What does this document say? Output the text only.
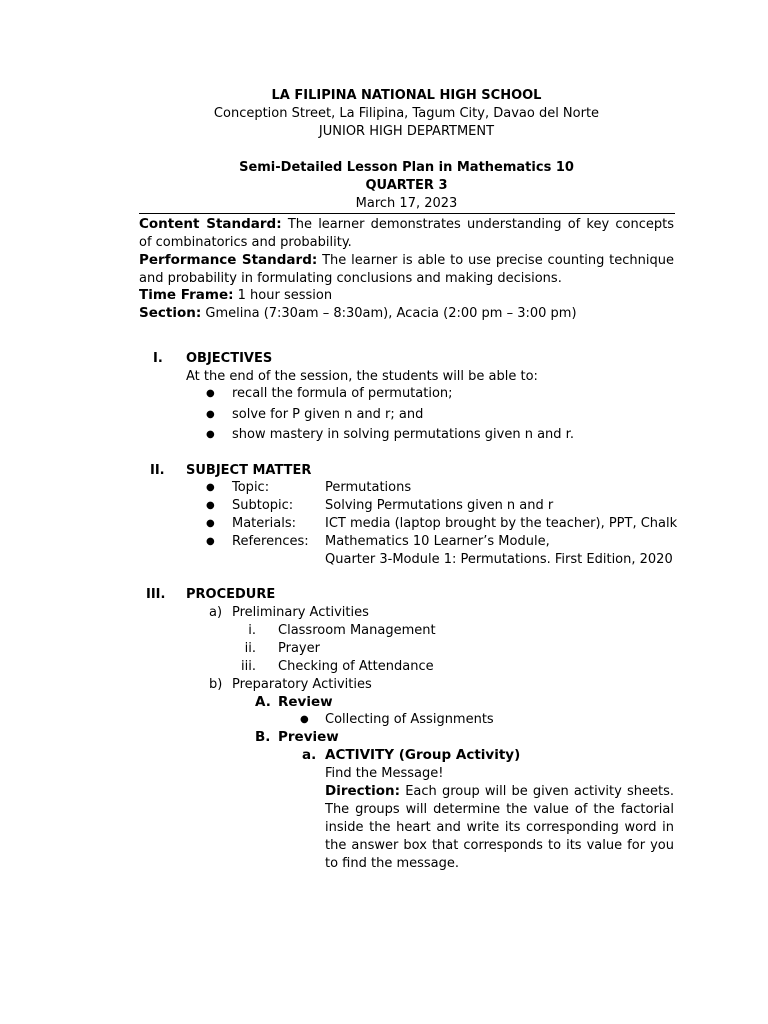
LA FILIPINA NATIONAL HIGH SCHOOL
Conception Street, La Filipina, Tagum City, Davao del Norte
JUNIOR HIGH DEPARTMENT
Semi-Detailed Lesson Plan in Mathematics 10
QUARTER 3
March 17, 2023
Content Standard: The learner demonstrates understanding of key concepts of combinatorics and probability.
Performance Standard: The learner is able to use precise counting technique and probability in formulating conclusions and making decisions.
Time Frame: 1 hour session
Section: Gmelina (7:30am – 8:30am), Acacia (2:00 pm – 3:00 pm)
I. OBJECTIVES
At the end of the session, the students will be able to:
● recall the formula of permutation;
● solve for P given n and r; and
● show mastery in solving permutations given n and r.
II. SUBJECT MATTER
● Topic:	Permutations
● Subtopic: Solving Permutations given n and r
● Materials: ICT media (laptop brought by the teacher), PPT, Chalk
● References: Mathematics 10 Learner’s Module,
Quarter 3-Module 1: Permutations. First Edition, 2020
III. PROCEDURE
a) Preliminary Activities
i. Classroom Management
ii. Prayer
iii. Checking of Attendance
b) Preparatory Activities
A. Review
● Collecting of Assignments
B. Preview
a. ACTIVITY (Group Activity)
Find the Message!
Direction: Each group will be given activity sheets. The groups will determine the value of the factorial inside the heart and write its corresponding word in the answer box that corresponds to its value for you to find the message.
